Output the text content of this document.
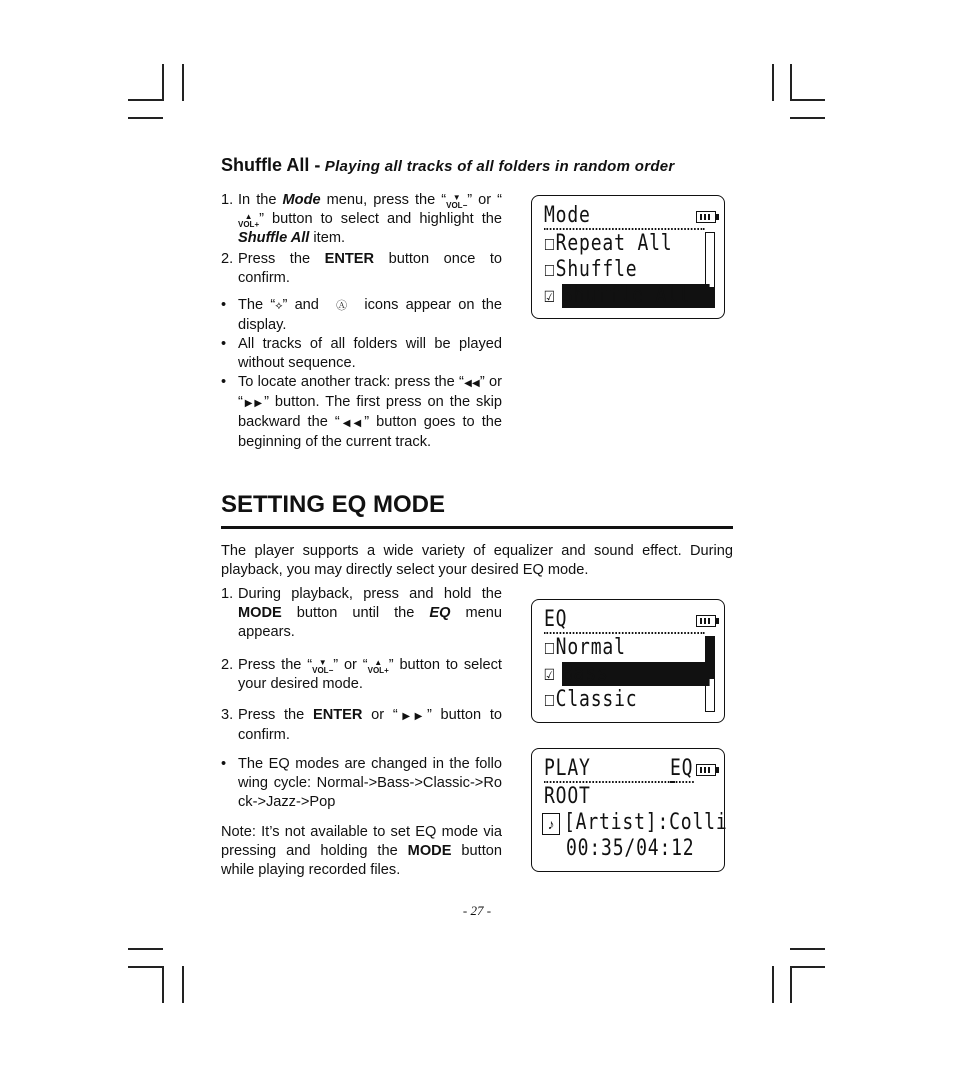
Shuffle All - Playing all tracks of all folders in random order
1. In the Mode menu, press the “ ▼
VOL−” or “▲
VOL+” button to select and highlight the Shuffle All item.
2. Press the ENTER button once to confirm.
• The “⟡” and Ⓐ icons appear on the display.
• All tracks of all folders will be played without sequence.
• To locate another track: press the “◀◀” or “▶▶” button. The first press on the skip backward the “◀◀” button goes to the beginning of the current track.
Mode
☐Repeat All
☐Shuffle
☑ Shuffle All
SETTING EQ MODE
The player supports a wide variety of equalizer and sound effect. During playback, you may directly select your desired EQ mode.
1. During playback, press and hold the MODE button until the EQ menu appears.
2. Press the “ ▼
VOL−” or “ ▲
VOL+” button to select your desired mode.
3. Press the ENTER or “▶▶” button to confirm.
• The EQ modes are changed in the following cycle: Normal->Bass->Classic->Rock->Jazz->Pop
Note: It’s not available to set EQ mode via pressing and holding the MODE button while playing recorded files.
EQ
☐Normal
☑ Bass
☐Classic
PLAY	EQ
ROOT
♪ [Artist]:Colli
00:35/04:12
- 27 -
